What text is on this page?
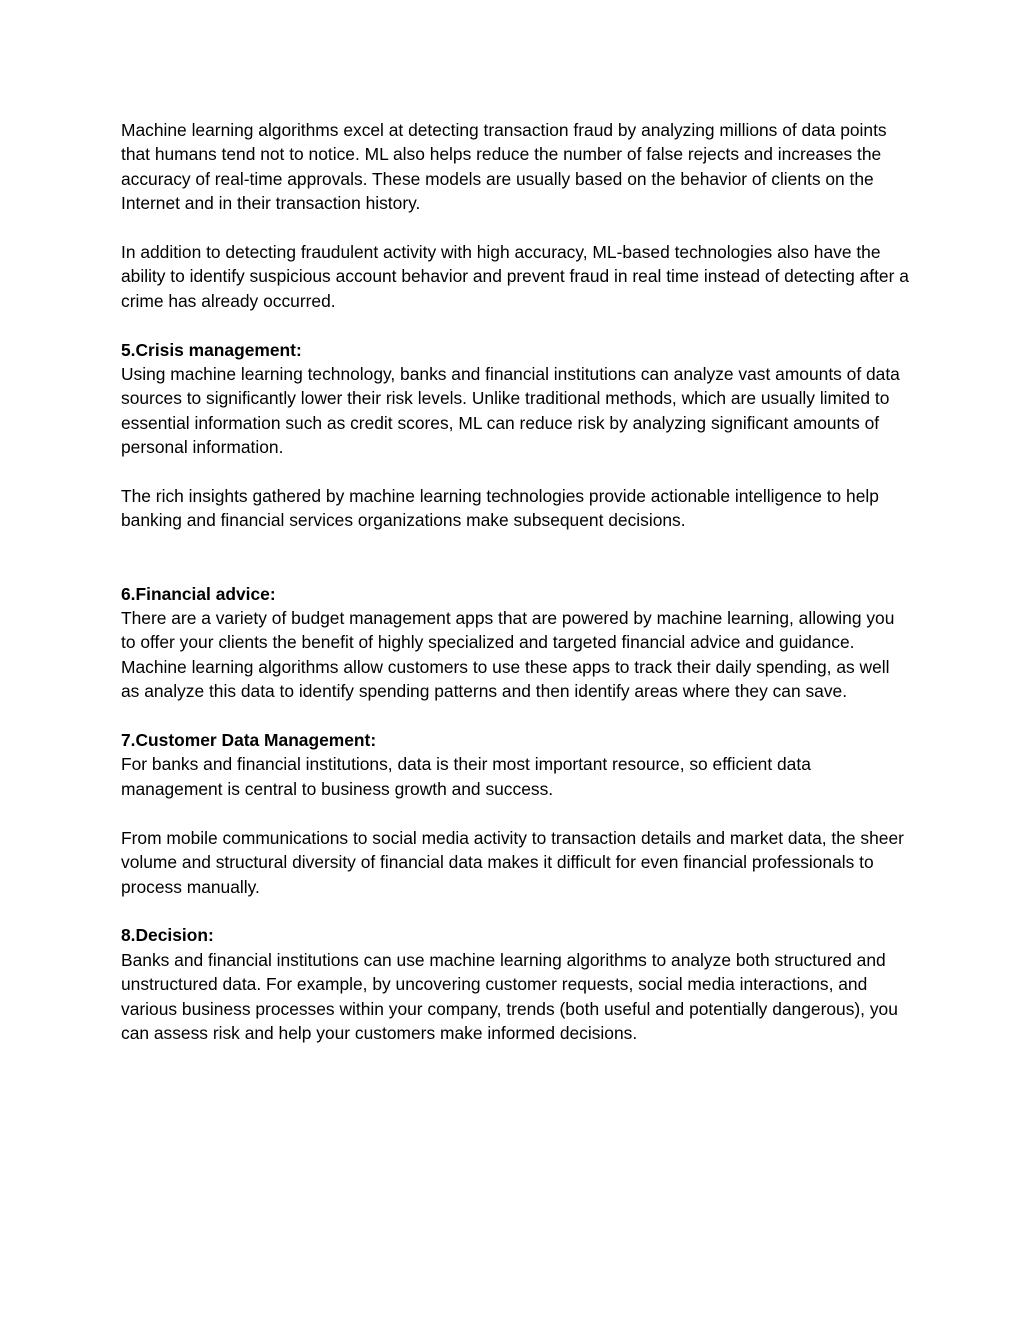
Machine learning algorithms excel at detecting transaction fraud by analyzing millions of data points that humans tend not to notice. ML also helps reduce the number of false rejects and increases the accuracy of real-time approvals. These models are usually based on the behavior of clients on the Internet and in their transaction history.

In addition to detecting fraudulent activity with high accuracy, ML-based technologies also have the ability to identify suspicious account behavior and prevent fraud in real time instead of detecting after a crime has already occurred.

5.Crisis management:

Using machine learning technology, banks and financial institutions can analyze vast amounts of data sources to significantly lower their risk levels. Unlike traditional methods, which are usually limited to essential information such as credit scores, ML can reduce risk by analyzing significant amounts of personal information.

The rich insights gathered by machine learning technologies provide actionable intelligence to help banking and financial services organizations make subsequent decisions.

6.Financial advice:

There are a variety of budget management apps that are powered by machine learning, allowing you to offer your clients the benefit of highly specialized and targeted financial advice and guidance. Machine learning algorithms allow customers to use these apps to track their daily spending, as well as analyze this data to identify spending patterns and then identify areas where they can save.

7.Customer Data Management:

For banks and financial institutions, data is their most important resource, so efficient data management is central to business growth and success.

From mobile communications to social media activity to transaction details and market data, the sheer volume and structural diversity of financial data makes it difficult for even financial professionals to process manually.

8.Decision:

Banks and financial institutions can use machine learning algorithms to analyze both structured and unstructured data. For example, by uncovering customer requests, social media interactions, and various business processes within your company, trends (both useful and potentially dangerous), you can assess risk and help your customers make informed decisions.
